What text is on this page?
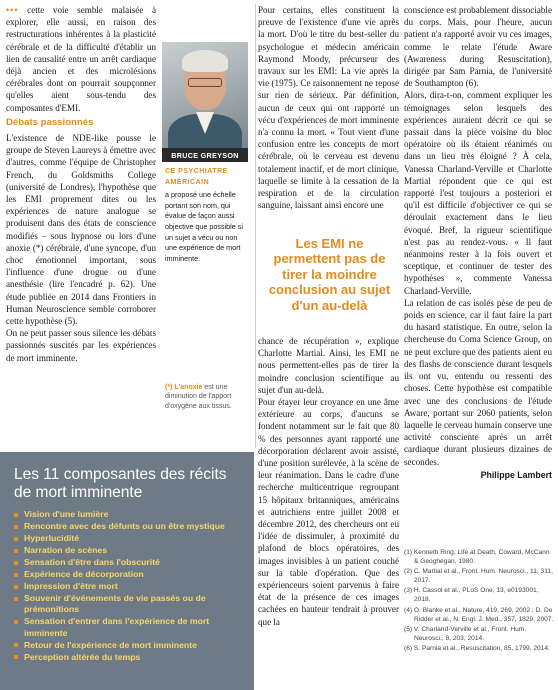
••• cette voie semble malaisée à explorer, elle aussi, en raison des restructurations inhérentes à la plasticité cérébrale et de la difficulté d'établir un lien de causalité entre un arrêt cardiaque déjà ancien et des microlésions cérébrales dont on pourrait soupçonner qu'elles aient sous-tendu des composantes d'EMI.

Débats passionnés

L'existence de NDE-like pousse le groupe de Steven Laureys à émettre avec d'autres, comme l'équipe de Christopher French, du Goldsmiths College (université de Londres), l'hypothèse que les EMI proprement dites ou les expériences de nature analogue se produisent dans des états de conscience modifiés – sous hypnose ou lors d'une anoxie (*) cérébrale, d'une syncope, d'un choc émotionnel important, sous l'influence d'une drogue ou d'une anesthésie (lire l'encadré p. 62). Une étude publiée en 2014 dans Frontiers in Human Neuroscience semble corroborer cette hypothèse (5).

On ne peut passer sous silence les débats passionnés suscités par les expériences de mort imminente.

BRUCE GREYSON
CE PSYCHIATRE AMÉRICAIN
a proposé une échelle portant son nom, qui évalue de façon aussi objective que possible si un sujet a vécu ou non une expérience de mort imminente.
(*) L'anoxie est une diminution de l'apport d'oxygène aux tissus.

Pour certains, elles constituent la preuve de l'existence d'une vie après la mort. D'où le titre du best-seller du psychologue et médecin américain Raymond Moody, précurseur des travaux sur les EMI: La vie après la vie (1975). Ce raisonnement ne repose sur rien de sérieux. Par définition, aucun de ceux qui ont rapporté un vécu d'expériences de mort imminente n'a connu la mort. « Tout vient d'une confusion entre les concepts de mort cérébrale, où le cerveau est devenu totalement inactif, et de mort clinique, laquelle se limite à la cessation de la respiration et de la circulation sanguine, laissant ainsi encore une

Les EMI ne permettent pas de tirer la moindre conclusion au sujet d'un au-delà

chance de récupération », explique Charlotte Martial. Ainsi, les EMI ne nous permettent-elles pas de tirer la moindre conclusion scientifique au sujet d'un au-delà.

Pour étayer leur croyance en une âme extérieure au corps, d'aucuns se fondent notamment sur le fait que 80 % des personnes ayant rapporté une décorporation déclarent avoir assisté, d'une position surélevée, à la scène de leur réanimation. Dans le cadre d'une recherche multicentrique regroupant 15 hôpitaux britanniques, américains et autrichiens entre juillet 2008 et décembre 2012, des chercheurs ont eu l'idée de dissimuler, à proximité du plafond de blocs opératoires, des images invisibles à un patient couché sur la table d'opération. Que des expérienceurs soient parvenus à faire état de la présence de ces images cachées en hauteur tendrait à prouver que la

conscience est probablement dissociable du corps. Mais, pour l'heure, aucun patient n'a rapporté avoir vu ces images, comme le relate l'étude Aware (Awareness during Resuscitation), dirigée par Sam Parnia, de l'université de Southampton (6).

Alors, dira-t-on, comment expliquer les témoignages selon lesquels des expériences auraient décrit ce qui se passait dans la pièce voisine du bloc opératoire où ils étaient réanimés ou dans un lieu très éloigné ? À cela, Vanessa Charland-Verville et Charlotte Martial répondent que ce qui est rapporté l'est toujours a posteriori et qu'il est difficile d'objectiver ce qui se déroulait exactement dans le lieu évoqué. Bref, la rigueur scientifique n'est pas au rendez-vous. « Il faut néanmoins rester à la fois ouvert et sceptique, et continuer de tester des hypothèses », commente Vanessa Charland-Verville.

La relation de cas isolés pèse de peu de poids en science, car il faut faire la part du hasard statistique. En outre, selon la chercheuse du Coma Science Group, on ne peut exclure que des patients aient eu des flashs de conscience durant lesquels ils ont vu, entendu ou ressenti des choses. Cette hypothèse est compatible avec une des conclusions de l'étude Aware, portant sur 2060 patients, selon laquelle le cerveau humain conserve une activité consciente après un arrêt cardiaque durant plusieurs dizaines de secondes.

Philippe Lambert
Les 11 composantes des récits de mort imminente
Vision d'une lumière
Rencontre avec des défunts ou un être mystique
Hyperlucidité
Narration de scènes
Sensation d'être dans l'obscurité
Expérience de décorporation
Impression d'être mort
Souvenir d'événements de vie passés ou de prémonitions
Sensation d'entrer dans l'expérience de mort imminente
Retour de l'expérience de mort imminente
Perception altérée du temps
(1) Kenneth Ring, Life at Death, Coward, McCann & Geoghegan, 1980.
(2) C. Martial et al., Front. Hum. Neurosci., 11, 311, 2017.
(3) H. Cassol et al., PLoS One, 13, e0193001, 2018.
(4) O. Blanke et al., Nature, 419, 269, 2002 ; D. De Ridder et al., N. Engl. J. Med., 357, 1829, 2007.
(5) V. Charland-Verville et al., Front. Hum. Neurosci., 8, 203, 2014.
(6) S. Parnia et al., Resuscitation, 85, 1799, 2014.
